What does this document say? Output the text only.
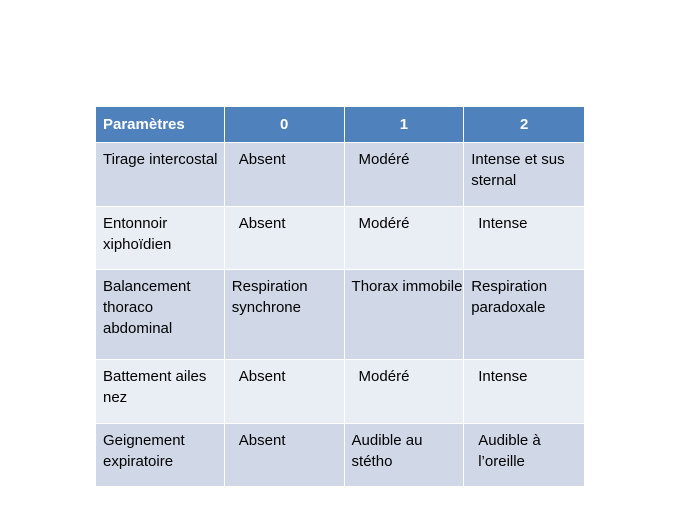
Paramètres	0	1	2

Tirage intercostal	Absent	Modéré	Intense et sus sternal

Entonnoir xiphoïdien	Absent	Modéré	Intense

Balancement thoraco abdominal	Respiration synchrone	Thorax immobile	Respiration paradoxale

Battement ailes nez	Absent	Modéré	Intense

Geignement expiratoire	Absent	Audible au stétho	Audible à l’oreille
